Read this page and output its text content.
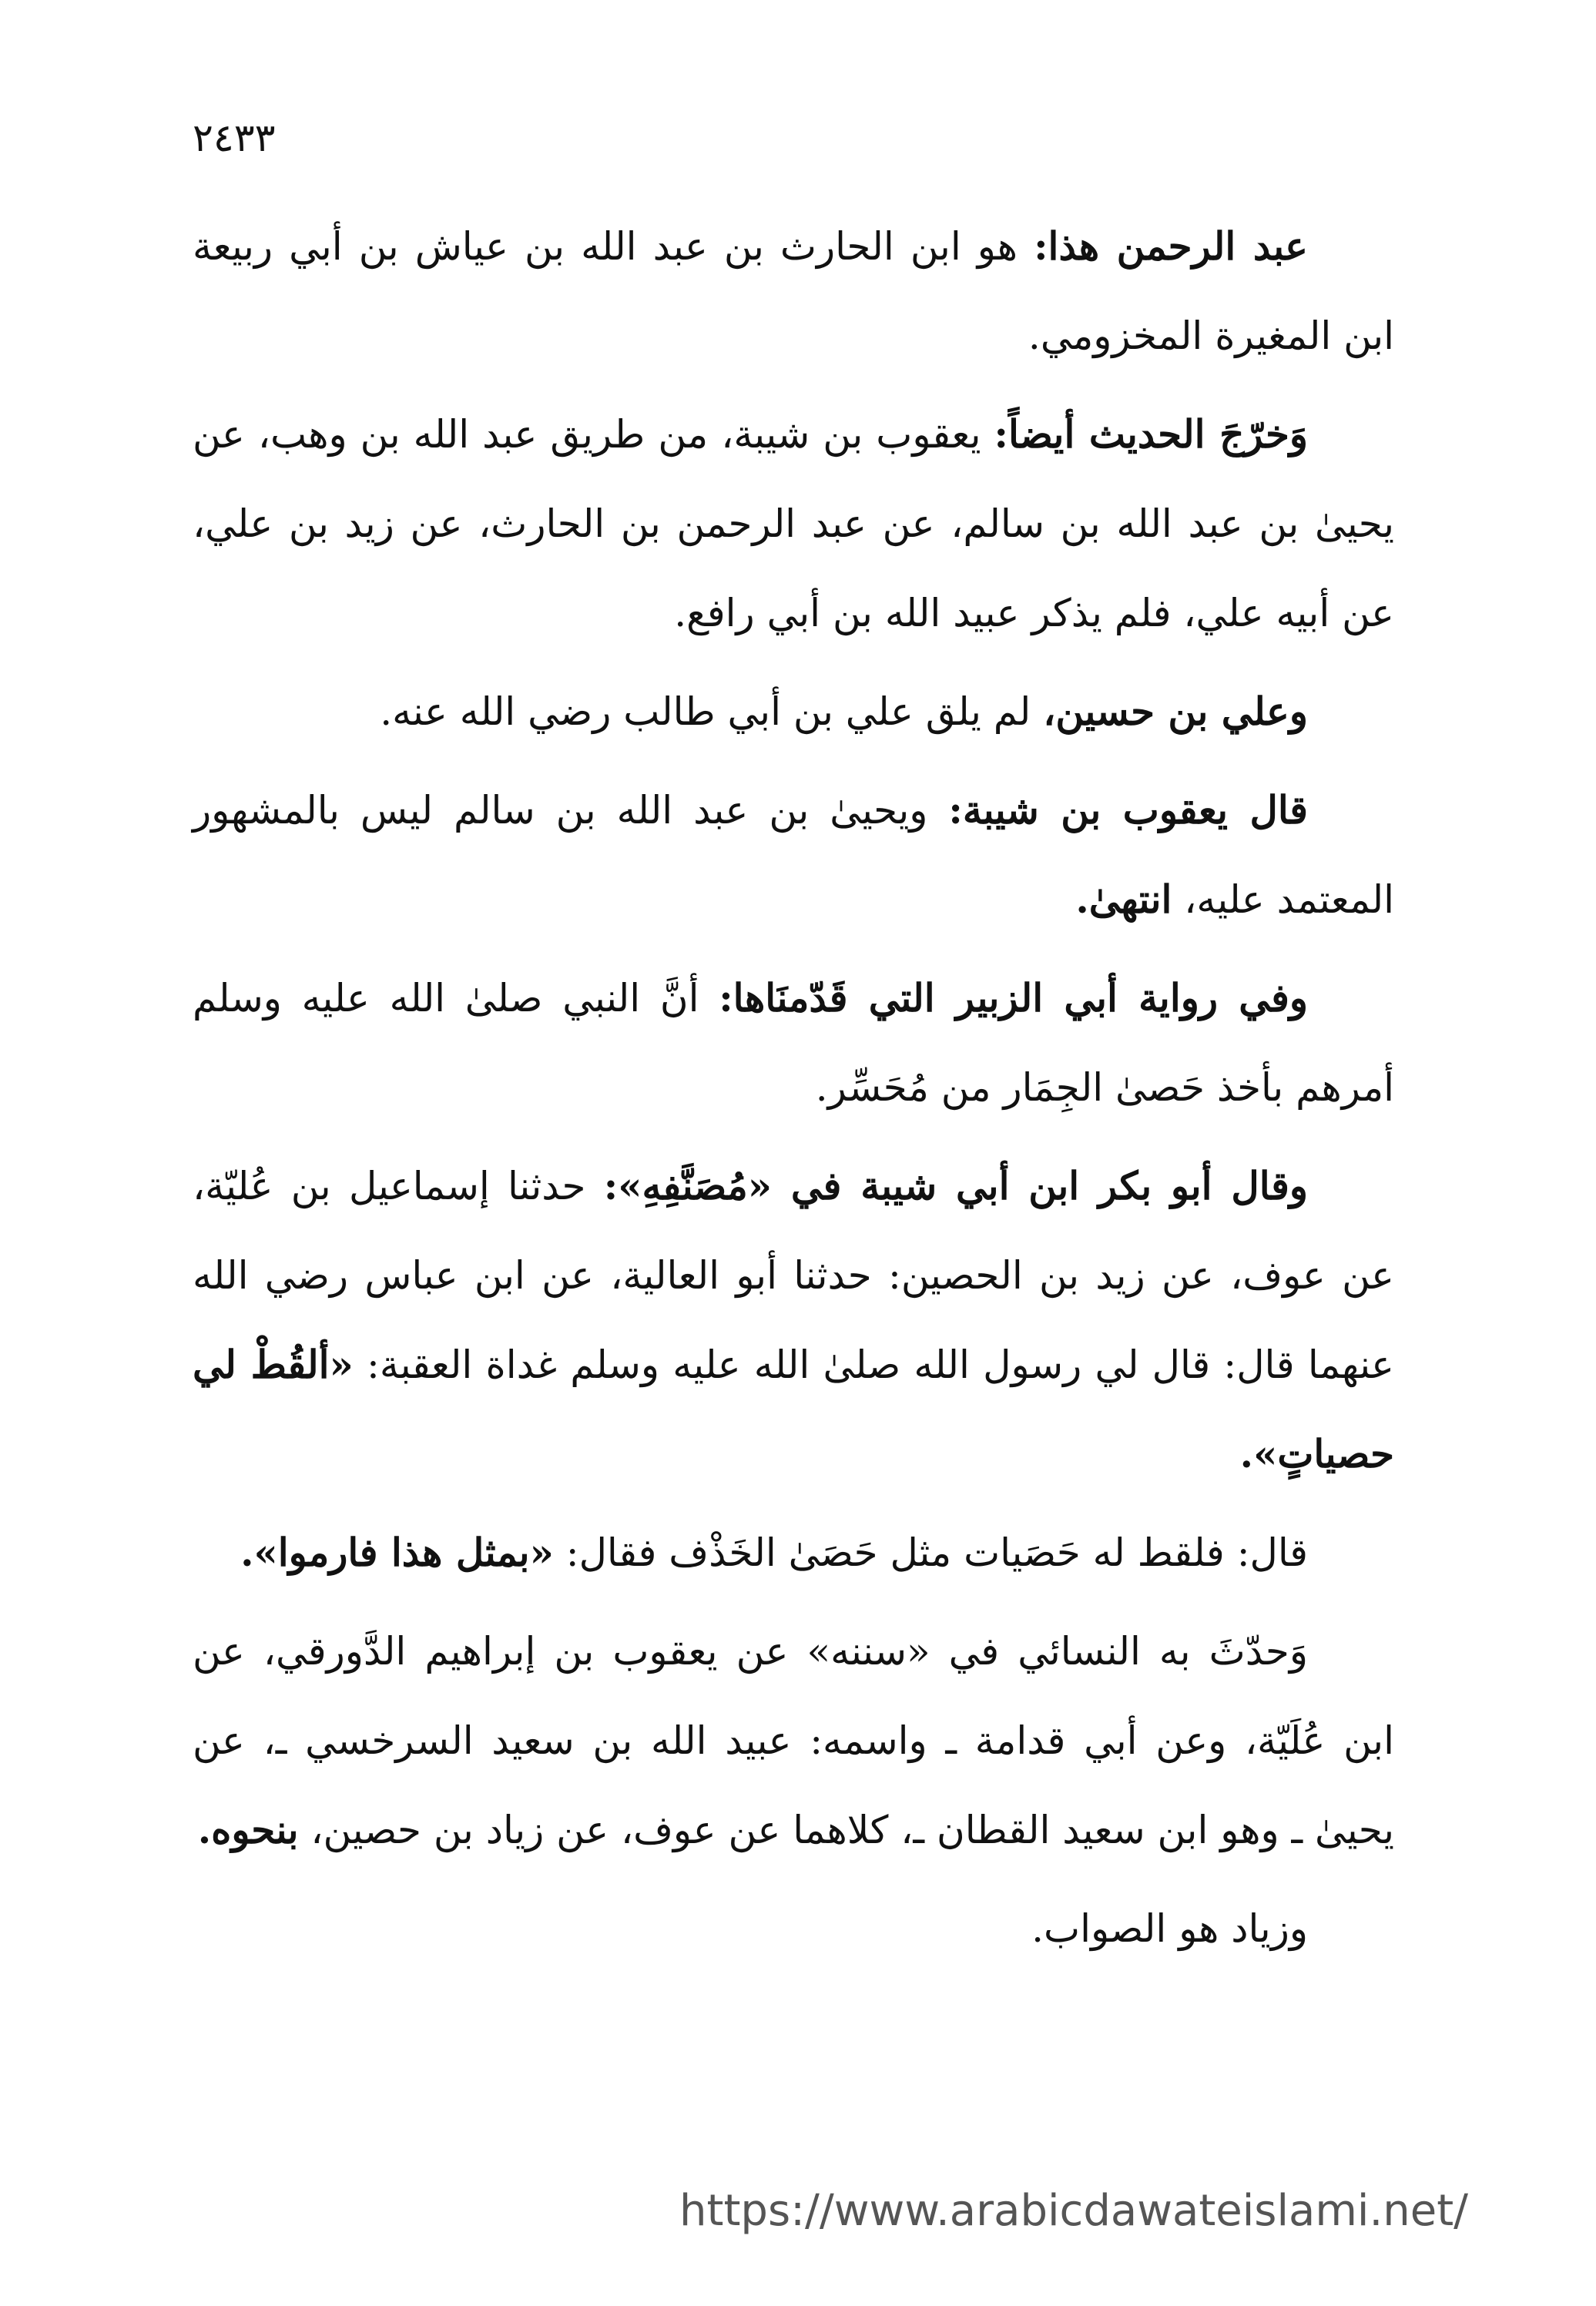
٢٤٣٣

عبد الرحمن هذا: هو ابن الحارث بن عبد الله بن عياش بن أبي ربيعة ابن المغيرة المخزومي.

وَخرّجَ الحديث أيضاً: يعقوب بن شيبة، من طريق عبد الله بن وهب، عن يحيىٰ بن عبد الله بن سالم، عن عبد الرحمن بن الحارث، عن زيد بن علي، عن أبيه علي، فلم يذكر عبيد الله بن أبي رافع.

وعلي بن حسين، لم يلق علي بن أبي طالب رضي الله عنه.

قال يعقوب بن شيبة: ويحيىٰ بن عبد الله بن سالم ليس بالمشهور المعتمد عليه، انتهىٰ.

وفي رواية أبي الزبير التي قَدّمنَاها: أنَّ النبي صلىٰ الله عليه وسلم أمرهم بأخذ حَصىٰ الجِمَار من مُحَسِّر.

وقال أبو بكر ابن أبي شيبة في «مُصَنَّفِهِ»: حدثنا إسماعيل بن عُليّة، عن عوف، عن زيد بن الحصين: حدثنا أبو العالية، عن ابن عباس رضي الله عنهما قال: قال لي رسول الله صلىٰ الله عليه وسلم غداة العقبة: «ألقُطْ لي حصياتٍ».

قال: فلقط له حَصَيات مثل حَصَىٰ الخَذْف فقال: «بمثل هذا فارموا».

وَحدّثَ به النسائي في «سننه» عن يعقوب بن إبراهيم الدَّورقي، عن ابن عُلَيّة، وعن أبي قدامة ـ واسمه: عبيد الله بن سعيد السرخسي ـ، عن يحيىٰ ـ وهو ابن سعيد القطان ـ، كلاهما عن عوف، عن زياد بن حصين، بنحوه.

وزياد هو الصواب.

https://www.arabicdawateislami.net/
